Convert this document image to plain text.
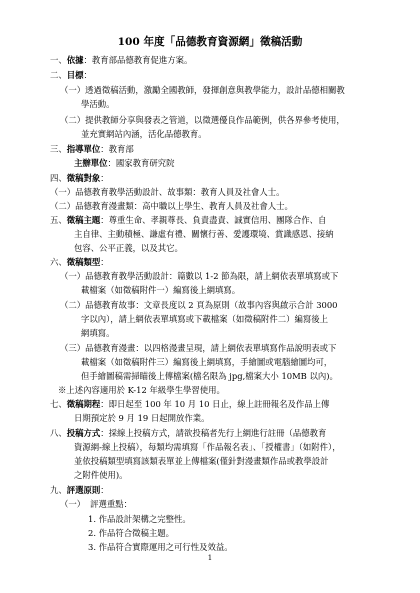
100 年度「品德教育資源網」徵稿活動
一、依據：教育部品德教育促進方案。
二、目標：
（一）透過徵稿活動，激勵全國教師，發揮創意與教學能力，設計品德相關教
學活動。
（二）提供教師分享與發表之管道，以徵選優良作品範例，供各界參考使用，
並充實網站內涵，活化品德教育。
三、指導單位：教育部
主辦單位：國家教育研究院
四、徵稿對象：
（一）品德教育教學活動設計、故事類：教育人員及社會人士。
（二）品德教育漫畫類：高中職以上學生、教育人員及社會人士。
五、徵稿主題：尊重生命、孝親尊長、負責盡責、誠實信用、團隊合作、自
主自律、主動積極、謙虛有禮、關懷行善、愛護環境、賞識感恩、接納
包容、公平正義，以及其它。
六、徵稿類型：
（一）品德教育教學活動設計：篇數以 1-2 節為限，請上網依表單填寫或下
載檔案（如徵稿附件一）編寫後上網填寫。
（二）品德教育故事：文章長度以 2 頁為原則（故事內容與啟示合計 3000
字以內），請上網依表單填寫或下載檔案（如徵稿附件二）編寫後上
網填寫。
（三）品德教育漫畫：以四格漫畫呈現，請上網依表單填寫作品說明表或下
載檔案（如徵稿附件三）編寫後上網填寫，手繪圖或電腦繪圖均可，
但手繪圖稿需掃瞄後上傳檔案(檔名限為 jpg,檔案大小 10MB 以內)。
※上述內容適用於 K-12 年級學生學習使用。
七、徵稿期程：即日起至 100 年 10 月 10 日止，線上註冊報名及作品上傳
日期預定於 9 月 19 日起開放作業。
八、投稿方式：採線上投稿方式，請欲投稿者先行上網進行註冊（品德教育
資源網-線上投稿），每類均需填寫「作品報名表」、「授權書」（如附件），
並依投稿類型填寫該類表單並上傳檔案(僅針對漫畫類作品或教學設計
之附件使用)。
九、評選原則：
（一） 評選重點：
1. 作品設計架構之完整性。
2. 作品符合徵稿主題。
3. 作品符合實際運用之可行性及效益。
1
